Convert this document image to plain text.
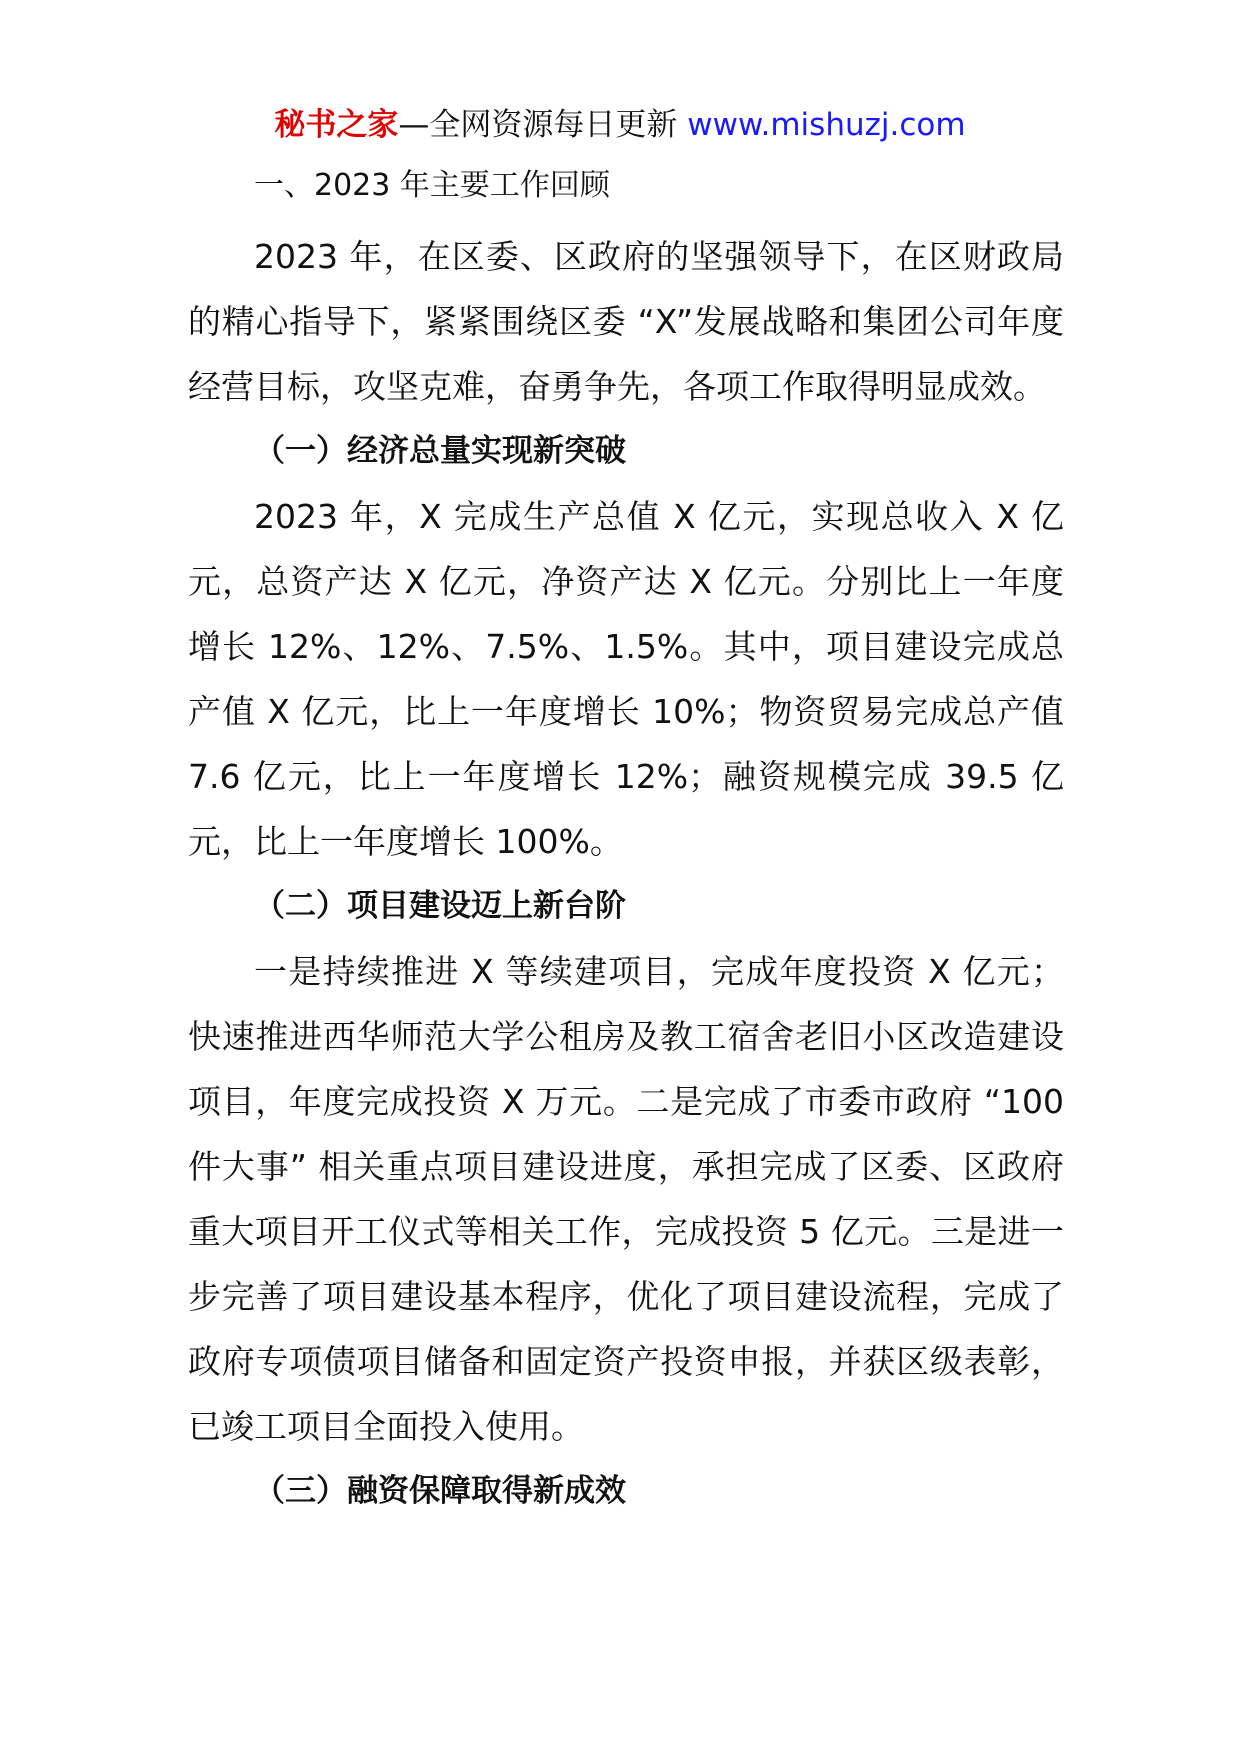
秘书之家—全网资源每日更新 www.mishuzj.com
一、2023 年主要工作回顾

2023 年，在区委、区政府的坚强领导下，在区财政局的精心指导下，紧紧围绕区委 “X”发展战略和集团公司年度经营目标，攻坚克难，奋勇争先，各项工作取得明显成效。

（一）经济总量实现新突破

2023 年，X 完成生产总值 X 亿元，实现总收入 X 亿元，总资产达 X 亿元，净资产达 X 亿元。分别比上一年度增长 12%、12%、7.5%、1.5%。其中，项目建设完成总产值 X 亿元，比上一年度增长 10%；物资贸易完成总产值 7.6 亿元，比上一年度增长 12%；融资规模完成 39.5 亿元，比上一年度增长 100%。

（二）项目建设迈上新台阶

一是持续推进 X 等续建项目，完成年度投资 X 亿元；快速推进西华师范大学公租房及教工宿舍老旧小区改造建设项目，年度完成投资 X 万元。二是完成了市委市政府 “100 件大事” 相关重点项目建设进度，承担完成了区委、区政府重大项目开工仪式等相关工作，完成投资 5 亿元。三是进一步完善了项目建设基本程序，优化了项目建设流程，完成了政府专项债项目储备和固定资产投资申报，并获区级表彰，已竣工项目全面投入使用。

（三）融资保障取得新成效
